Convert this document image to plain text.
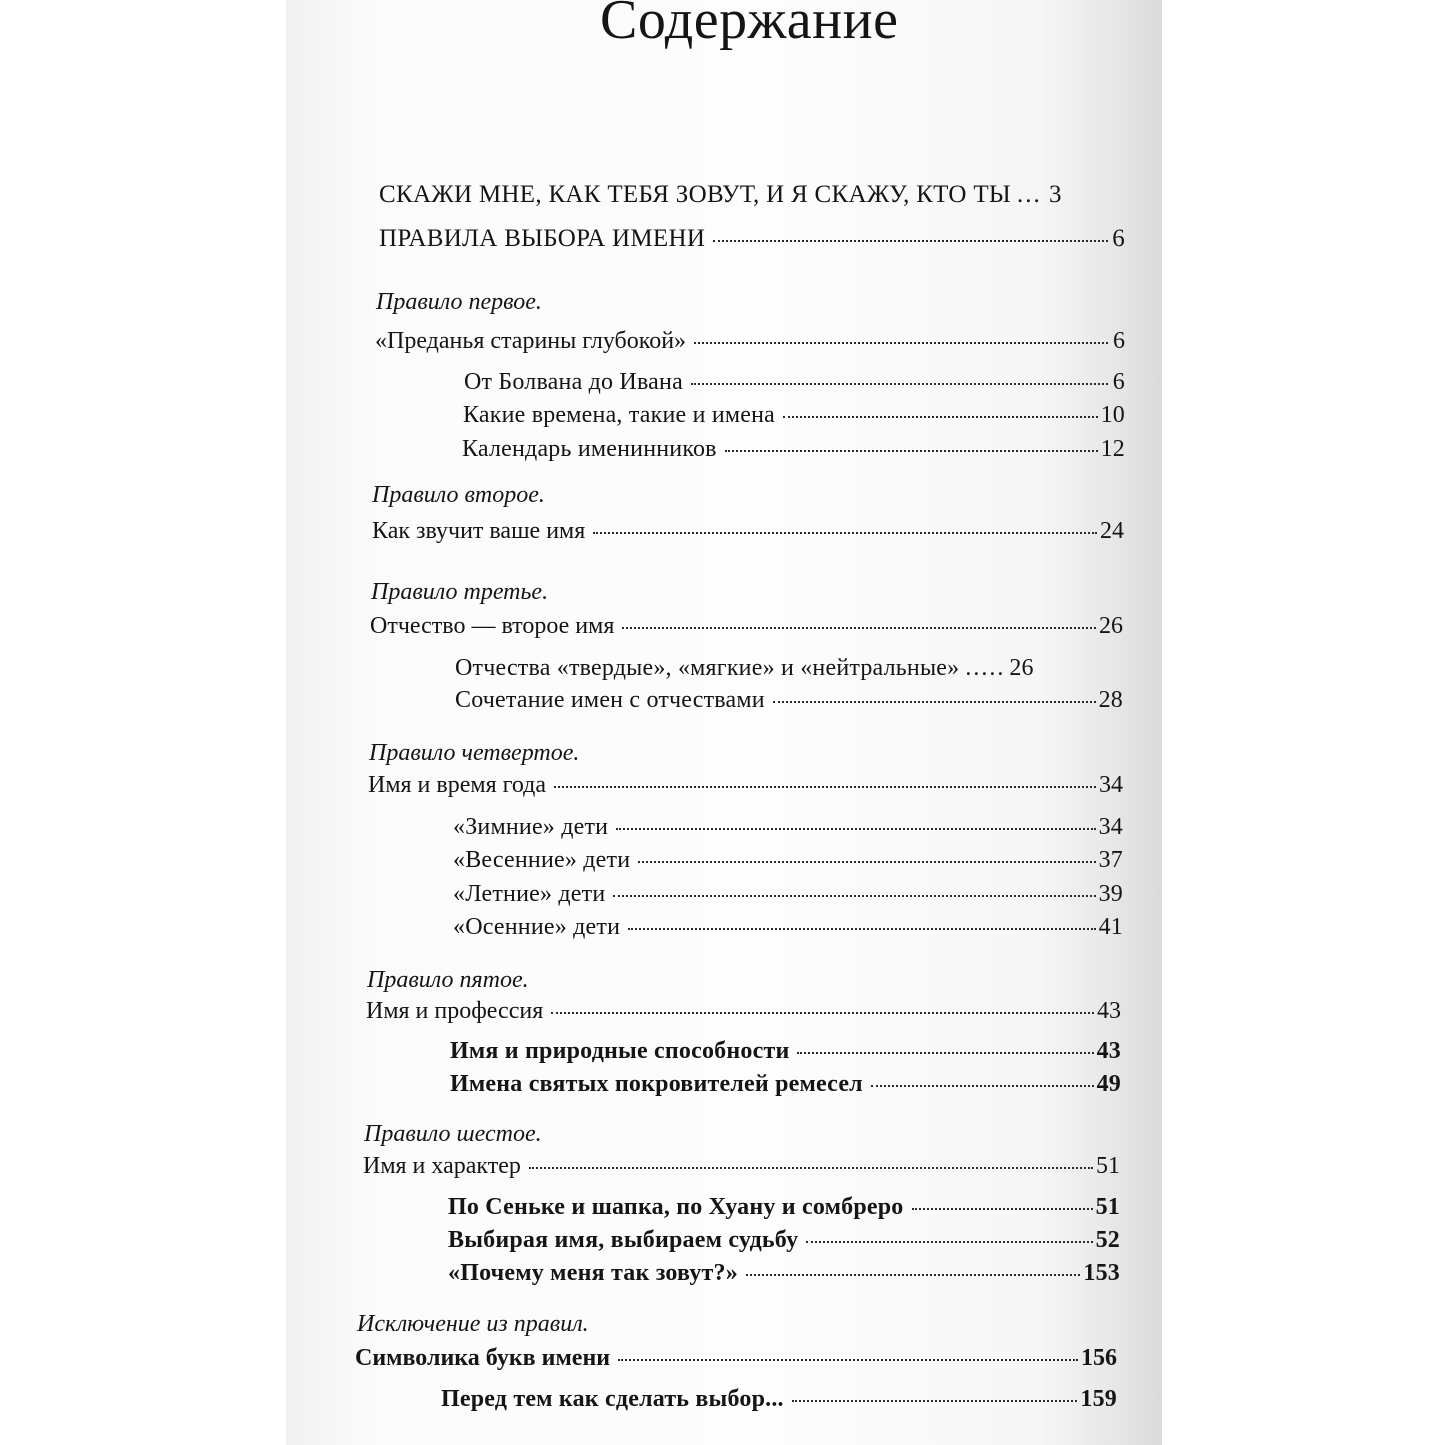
Содержание
СКАЖИ МНЕ, КАК ТЕБЯ ЗОВУТ, И Я СКАЖУ, КТО ТЫ ... 3
ПРАВИЛА ВЫБОРА ИМЕНИ	6
Правило первое.
«Преданья старины глубокой»	6
От Болвана до Ивана	6
Какие времена, такие и имена	10
Календарь именинников	12
Правило второе.
Как звучит ваше имя	24
Правило третье.
Отчество — второе имя	26
Отчества «твердые», «мягкие» и «нейтральные» ..... 26
Сочетание имен с отчествами	28
Правило четвертое.
Имя и время года	34
«Зимние» дети	34
«Весенние» дети	37
«Летние» дети	39
«Осенние» дети	41
Правило пятое.
Имя и профессия	43
Имя и природные способности	43
Имена святых покровителей ремесел	49
Правило шестое.
Имя и характер	51
По Сеньке и шапка, по Хуану и сомбреро	51
Выбирая имя, выбираем судьбу	52
«Почему меня так зовут?»	153
Исключение из правил.
Символика букв имени	156
Перед тем как сделать выбор...	159
